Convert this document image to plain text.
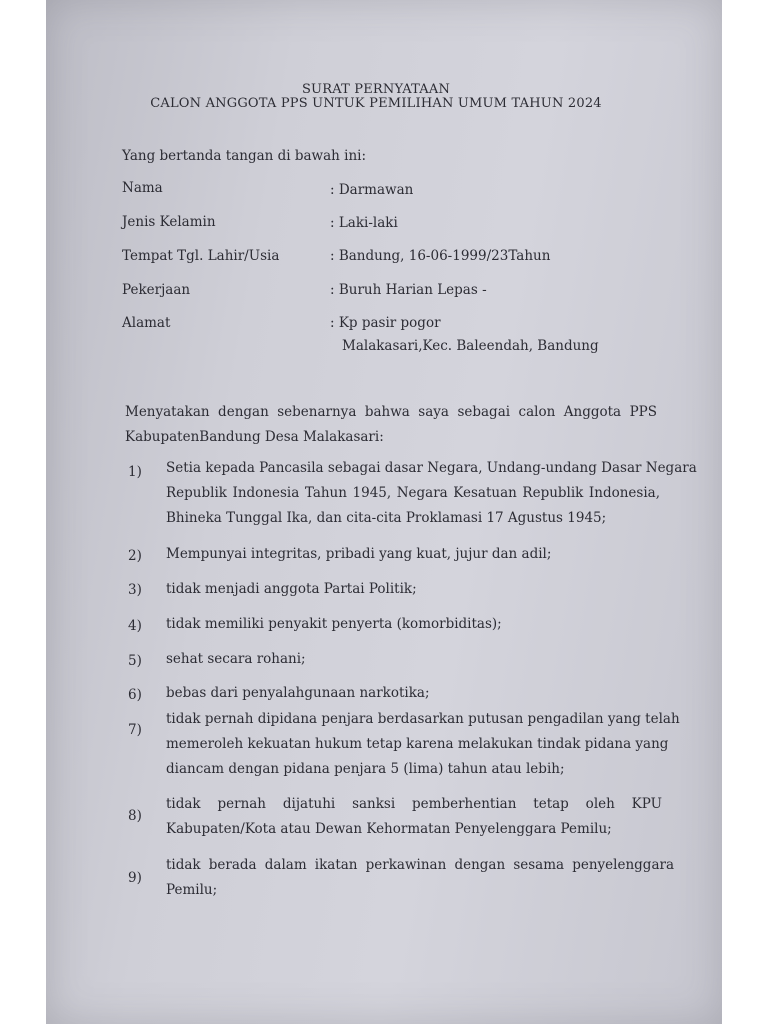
SURAT PERNYATAAN
CALON ANGGOTA PPS UNTUK PEMILIHAN UMUM TAHUN 2024
Yang bertanda tangan di bawah ini:
Nama	: Darmawan
Jenis Kelamin	: Laki-laki
Tempat Tgl. Lahir/Usia	: Bandung, 16-06-1999/23Tahun
Pekerjaan	: Buruh Harian Lepas -
Alamat	: Kp pasir pogor
Malakasari,Kec. Baleendah, Bandung
Menyatakan dengan sebenarnya bahwa saya sebagai calon Anggota PPS
KabupatenBandung Desa Malakasari:
1) Setia kepada Pancasila sebagai dasar Negara, Undang-undang Dasar Negara
Republik Indonesia Tahun 1945, Negara Kesatuan Republik Indonesia,
Bhineka Tunggal Ika, dan cita-cita Proklamasi 17 Agustus 1945;
2) Mempunyai integritas, pribadi yang kuat, jujur dan adil;
3) tidak menjadi anggota Partai Politik;
4) tidak memiliki penyakit penyerta (komorbiditas);
5) sehat secara rohani;
6) bebas dari penyalahgunaan narkotika;
7)
tidak pernah dipidana penjara berdasarkan putusan pengadilan yang telah
memeroleh kekuatan hukum tetap karena melakukan tindak pidana yang
diancam dengan pidana penjara 5 (lima) tahun atau lebih;
8)
tidak pernah dijatuhi sanksi pemberhentian tetap oleh KPU
Kabupaten/Kota atau Dewan Kehormatan Penyelenggara Pemilu;
9)
tidak berada dalam ikatan perkawinan dengan sesama penyelenggara
Pemilu;
